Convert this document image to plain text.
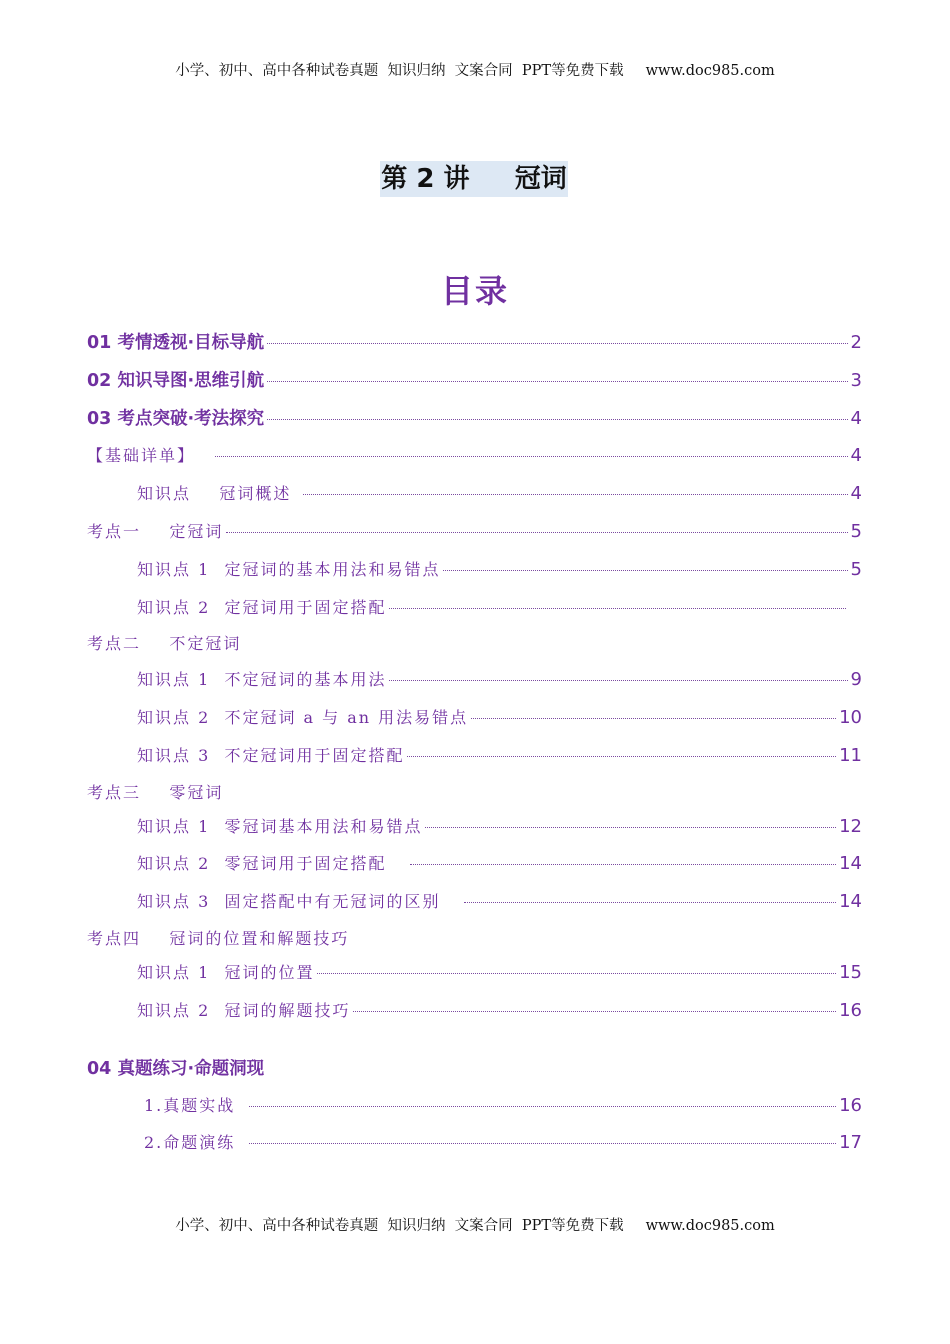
小学、初中、高中各种试卷真题  知识归纳  文案合同  PPT等免费下载 www.doc985.com
第 2 讲     冠词
目录
01 考情透视·目标导航	2
02 知识导图·思维引航	3
03 考点突破·考法探究	4
【基础详单】	4
知识点    冠词概述	4
考点一    定冠词	5
知识点 1  定冠词的基本用法和易错点	5
知识点 2  定冠词用于固定搭配
考点二    不定冠词
知识点 1  不定冠词的基本用法	9
知识点 2  不定冠词 a 与 an 用法易错点	10
知识点 3  不定冠词用于固定搭配	11
考点三    零冠词
知识点 1  零冠词基本用法和易错点	12
知识点 2  零冠词用于固定搭配	14
知识点 3  固定搭配中有无冠词的区别	14
考点四    冠词的位置和解题技巧
知识点 1  冠词的位置	15
知识点 2  冠词的解题技巧	16
04 真题练习·命题洞现
1.真题实战	16
2.命题演练	17
小学、初中、高中各种试卷真题  知识归纳  文案合同  PPT等免费下载 www.doc985.com
